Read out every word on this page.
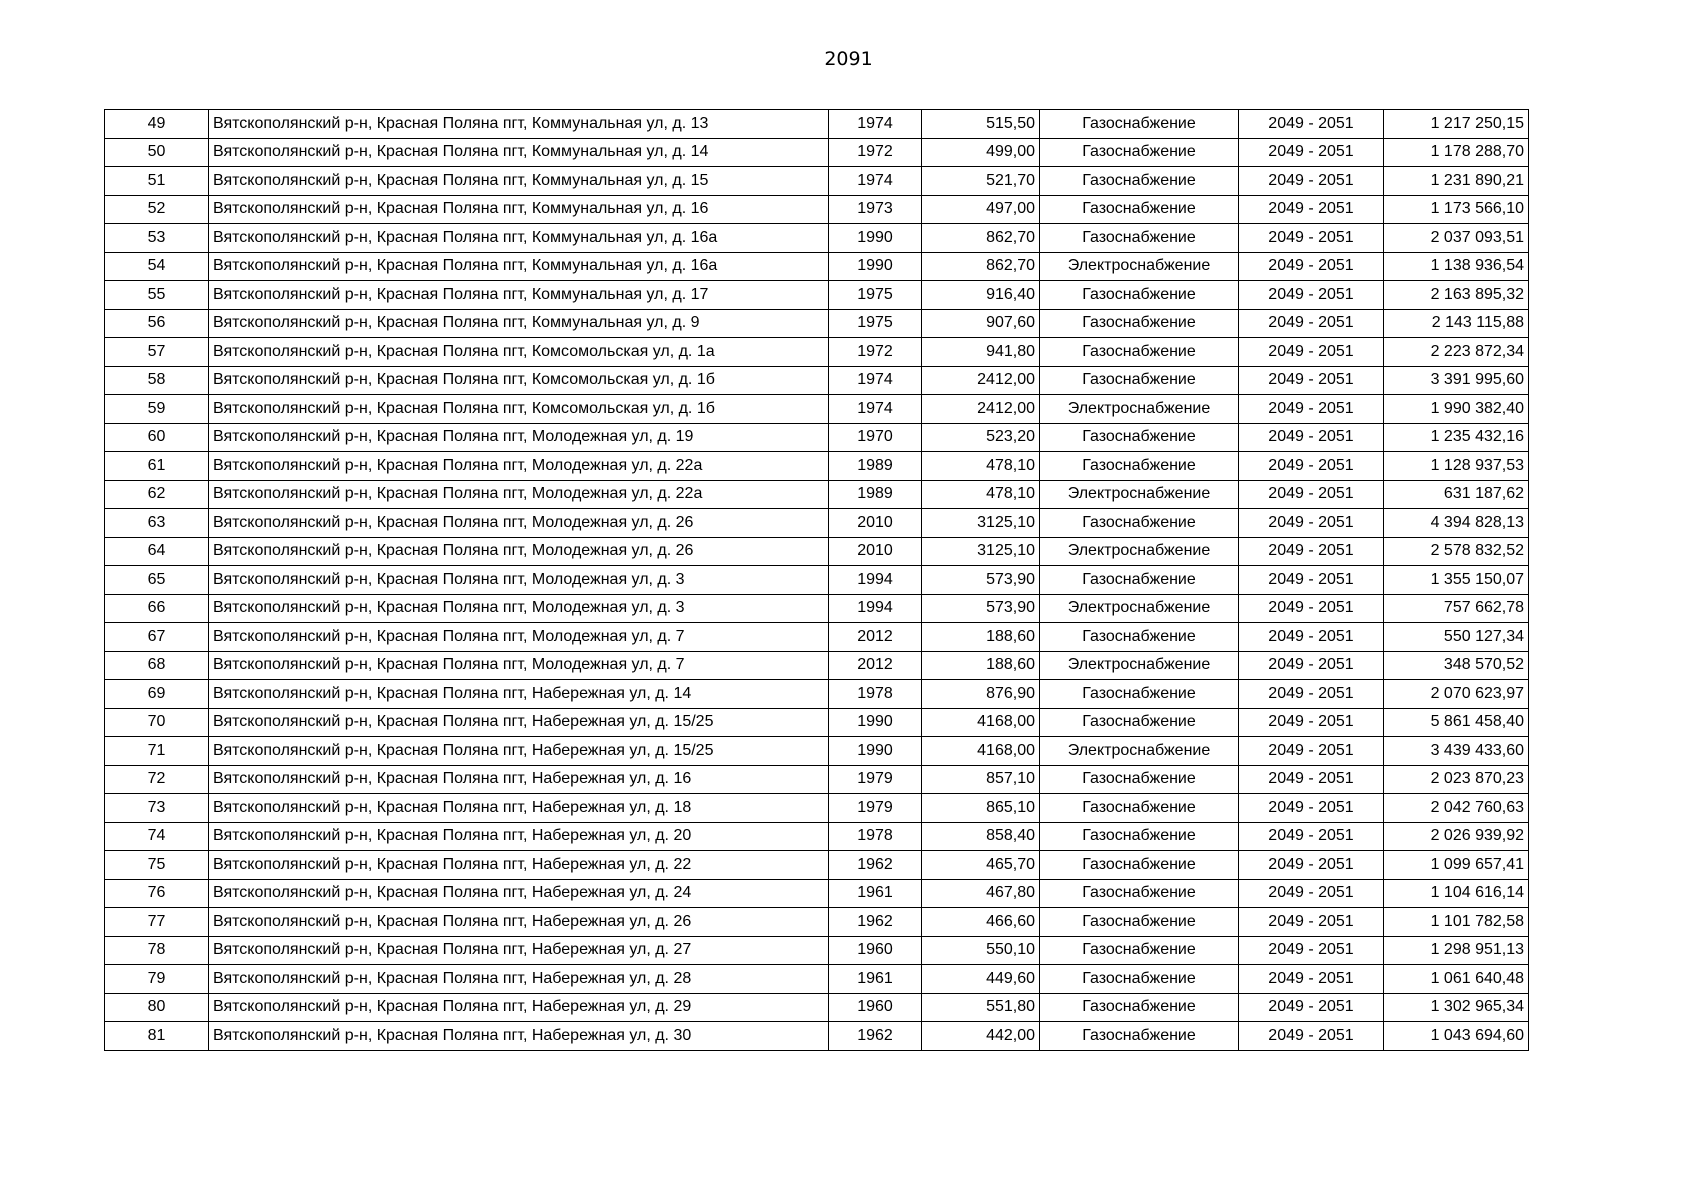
2091
49	Вятскополянский р-н, Красная Поляна пгт, Коммунальная ул, д. 13	1974	515,50	Газоснабжение	2049 - 2051	1 217 250,15
50	Вятскополянский р-н, Красная Поляна пгт, Коммунальная ул, д. 14	1972	499,00	Газоснабжение	2049 - 2051	1 178 288,70
51	Вятскополянский р-н, Красная Поляна пгт, Коммунальная ул, д. 15	1974	521,70	Газоснабжение	2049 - 2051	1 231 890,21
52	Вятскополянский р-н, Красная Поляна пгт, Коммунальная ул, д. 16	1973	497,00	Газоснабжение	2049 - 2051	1 173 566,10
53	Вятскополянский р-н, Красная Поляна пгт, Коммунальная ул, д. 16а	1990	862,70	Газоснабжение	2049 - 2051	2 037 093,51
54	Вятскополянский р-н, Красная Поляна пгт, Коммунальная ул, д. 16а	1990	862,70	Электроснабжение	2049 - 2051	1 138 936,54
55	Вятскополянский р-н, Красная Поляна пгт, Коммунальная ул, д. 17	1975	916,40	Газоснабжение	2049 - 2051	2 163 895,32
56	Вятскополянский р-н, Красная Поляна пгт, Коммунальная ул, д. 9	1975	907,60	Газоснабжение	2049 - 2051	2 143 115,88
57	Вятскополянский р-н, Красная Поляна пгт, Комсомольская ул, д. 1а	1972	941,80	Газоснабжение	2049 - 2051	2 223 872,34
58	Вятскополянский р-н, Красная Поляна пгт, Комсомольская ул, д. 1б	1974	2412,00	Газоснабжение	2049 - 2051	3 391 995,60
59	Вятскополянский р-н, Красная Поляна пгт, Комсомольская ул, д. 1б	1974	2412,00	Электроснабжение	2049 - 2051	1 990 382,40
60	Вятскополянский р-н, Красная Поляна пгт, Молодежная ул, д. 19	1970	523,20	Газоснабжение	2049 - 2051	1 235 432,16
61	Вятскополянский р-н, Красная Поляна пгт, Молодежная ул, д. 22а	1989	478,10	Газоснабжение	2049 - 2051	1 128 937,53
62	Вятскополянский р-н, Красная Поляна пгт, Молодежная ул, д. 22а	1989	478,10	Электроснабжение	2049 - 2051	631 187,62
63	Вятскополянский р-н, Красная Поляна пгт, Молодежная ул, д. 26	2010	3125,10	Газоснабжение	2049 - 2051	4 394 828,13
64	Вятскополянский р-н, Красная Поляна пгт, Молодежная ул, д. 26	2010	3125,10	Электроснабжение	2049 - 2051	2 578 832,52
65	Вятскополянский р-н, Красная Поляна пгт, Молодежная ул, д. 3	1994	573,90	Газоснабжение	2049 - 2051	1 355 150,07
66	Вятскополянский р-н, Красная Поляна пгт, Молодежная ул, д. 3	1994	573,90	Электроснабжение	2049 - 2051	757 662,78
67	Вятскополянский р-н, Красная Поляна пгт, Молодежная ул, д. 7	2012	188,60	Газоснабжение	2049 - 2051	550 127,34
68	Вятскополянский р-н, Красная Поляна пгт, Молодежная ул, д. 7	2012	188,60	Электроснабжение	2049 - 2051	348 570,52
69	Вятскополянский р-н, Красная Поляна пгт, Набережная ул, д. 14	1978	876,90	Газоснабжение	2049 - 2051	2 070 623,97
70	Вятскополянский р-н, Красная Поляна пгт, Набережная ул, д. 15/25	1990	4168,00	Газоснабжение	2049 - 2051	5 861 458,40
71	Вятскополянский р-н, Красная Поляна пгт, Набережная ул, д. 15/25	1990	4168,00	Электроснабжение	2049 - 2051	3 439 433,60
72	Вятскополянский р-н, Красная Поляна пгт, Набережная ул, д. 16	1979	857,10	Газоснабжение	2049 - 2051	2 023 870,23
73	Вятскополянский р-н, Красная Поляна пгт, Набережная ул, д. 18	1979	865,10	Газоснабжение	2049 - 2051	2 042 760,63
74	Вятскополянский р-н, Красная Поляна пгт, Набережная ул, д. 20	1978	858,40	Газоснабжение	2049 - 2051	2 026 939,92
75	Вятскополянский р-н, Красная Поляна пгт, Набережная ул, д. 22	1962	465,70	Газоснабжение	2049 - 2051	1 099 657,41
76	Вятскополянский р-н, Красная Поляна пгт, Набережная ул, д. 24	1961	467,80	Газоснабжение	2049 - 2051	1 104 616,14
77	Вятскополянский р-н, Красная Поляна пгт, Набережная ул, д. 26	1962	466,60	Газоснабжение	2049 - 2051	1 101 782,58
78	Вятскополянский р-н, Красная Поляна пгт, Набережная ул, д. 27	1960	550,10	Газоснабжение	2049 - 2051	1 298 951,13
79	Вятскополянский р-н, Красная Поляна пгт, Набережная ул, д. 28	1961	449,60	Газоснабжение	2049 - 2051	1 061 640,48
80	Вятскополянский р-н, Красная Поляна пгт, Набережная ул, д. 29	1960	551,80	Газоснабжение	2049 - 2051	1 302 965,34
81	Вятскополянский р-н, Красная Поляна пгт, Набережная ул, д. 30	1962	442,00	Газоснабжение	2049 - 2051	1 043 694,60
